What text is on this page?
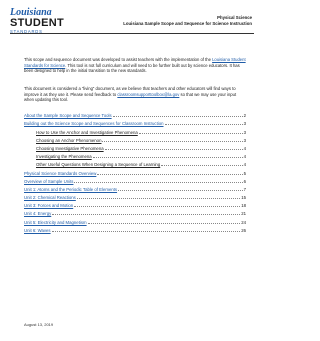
Louisiana
STUDENT
STANDARDS
Physical Science
Louisiana Sample Scope and Sequence for Science Instruction
This scope and sequence document was developed to assist teachers with the implementation of the Louisiana Student Standards for Science. This tool is not full curriculum and will need to be further built out by science educators. It has been designed to help in the initial transition to the new standards.
This document is considered a “living” document, as we believe that teachers and other educators will find ways to improve it as they use it. Please send feedback to classroomsupporttoolbox@la.gov so that we may use your input when updating this tool.
About the Sample Scope and Sequence Tools	2
Building out the Science Scope and Sequences for Classroom Instruction	3
How to Use the Anchor and Investigative Phenomena	3
Choosing an Anchor Phenomenon	3
Choosing Investigative Phenomena	4
Investigating the Phenomena	4
Other Useful Questions When Designing a Sequence of Learning	4
Physical Science Standards Overview	5
Overview of Sample Units	6
Unit 1: Atoms and the Periodic Table of Elements	7
Unit 2: Chemical Reactions	15
Unit 3: Forces and Motion	18
Unit 4: Energy	21
Unit 5: Electricity and Magnetism	24
Unit 6: Waves	26
August 13, 2019
